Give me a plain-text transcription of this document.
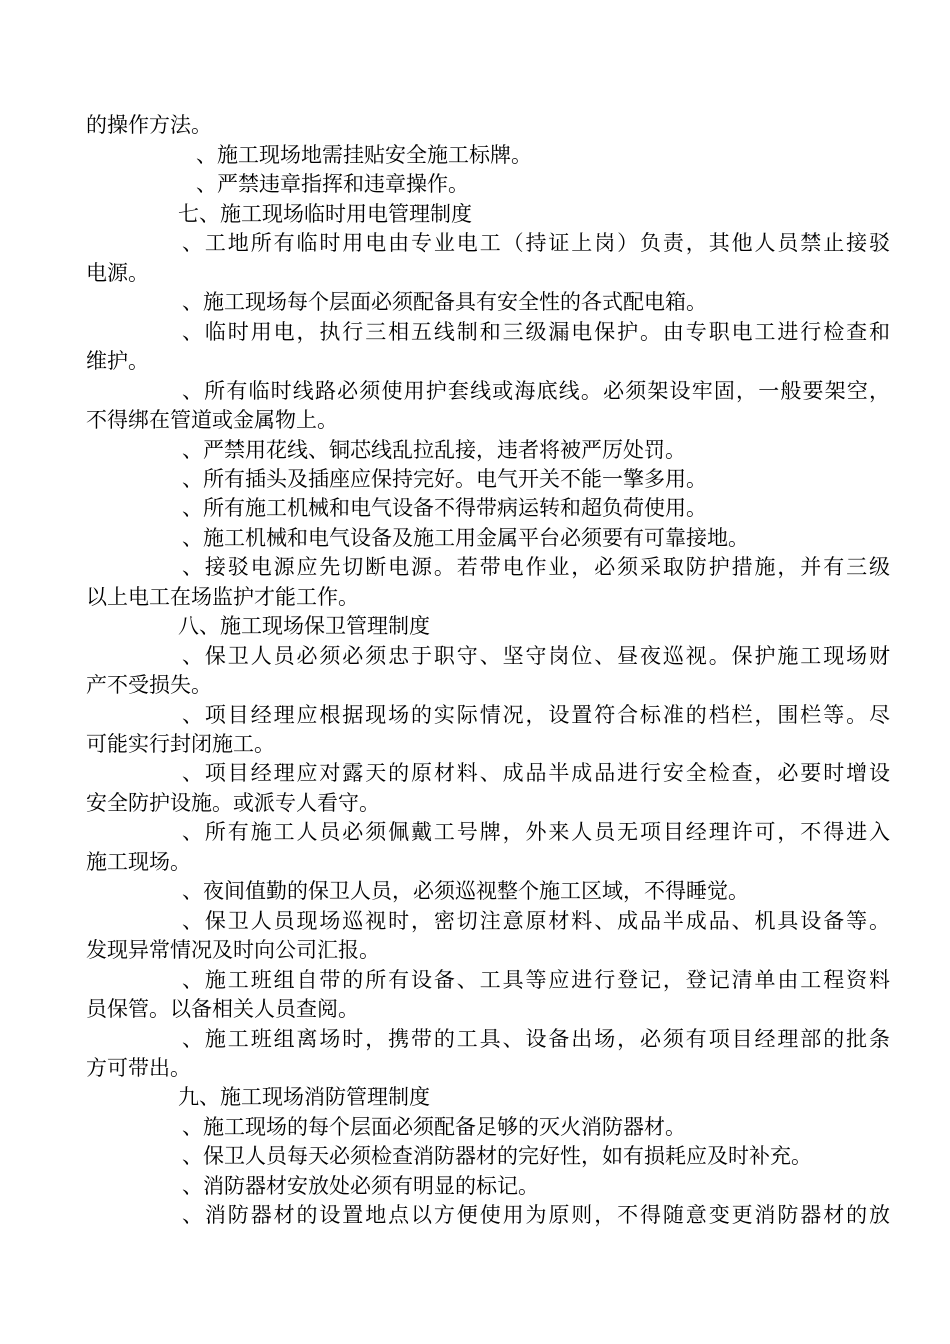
的操作方法。
、施工现场地需挂贴安全施工标牌。
、严禁违章指挥和违章操作。
七、施工现场临时用电管理制度
、工地所有临时用电由专业电工（持证上岗）负责，其他人员禁止接驳
电源。
、施工现场每个层面必须配备具有安全性的各式配电箱。
、临时用电，执行三相五线制和三级漏电保护。由专职电工进行检查和
维护。
、所有临时线路必须使用护套线或海底线。必须架设牢固，一般要架空，
不得绑在管道或金属物上。
、严禁用花线、铜芯线乱拉乱接，违者将被严厉处罚。
、所有插头及插座应保持完好。电气开关不能一擎多用。
、所有施工机械和电气设备不得带病运转和超负荷使用。
、施工机械和电气设备及施工用金属平台必须要有可靠接地。
、接驳电源应先切断电源。若带电作业，必须采取防护措施，并有三级
以上电工在场监护才能工作。
八、施工现场保卫管理制度
、保卫人员必须必须忠于职守、坚守岗位、昼夜巡视。保护施工现场财
产不受损失。
、项目经理应根据现场的实际情况，设置符合标准的档栏，围栏等。尽
可能实行封闭施工。
、项目经理应对露天的原材料、成品半成品进行安全检查，必要时增设
安全防护设施。或派专人看守。
、所有施工人员必须佩戴工号牌，外来人员无项目经理许可，不得进入
施工现场。
、夜间值勤的保卫人员，必须巡视整个施工区域，不得睡觉。
、保卫人员现场巡视时，密切注意原材料、成品半成品、机具设备等。
发现异常情况及时向公司汇报。
、施工班组自带的所有设备、工具等应进行登记，登记清单由工程资料
员保管。以备相关人员查阅。
、施工班组离场时，携带的工具、设备出场，必须有项目经理部的批条
方可带出。
九、施工现场消防管理制度
、施工现场的每个层面必须配备足够的灭火消防器材。
、保卫人员每天必须检查消防器材的完好性，如有损耗应及时补充。
、消防器材安放处必须有明显的标记。
、消防器材的设置地点以方便使用为原则，不得随意变更消防器材的放
